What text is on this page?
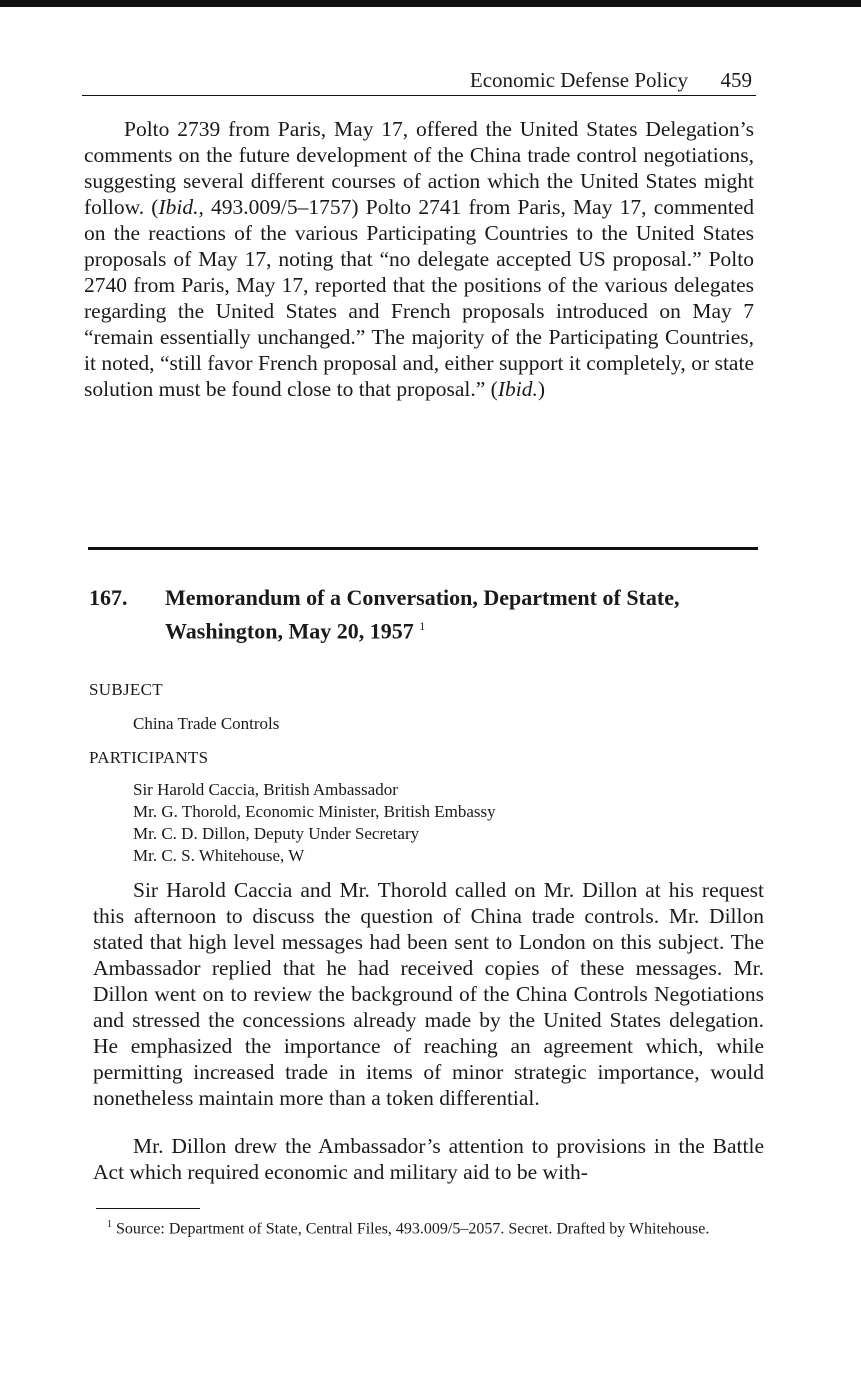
Economic Defense Policy 459

Polto 2739 from Paris, May 17, offered the United States Delegation’s comments on the future development of the China trade control negotiations, suggesting several different courses of action which the United States might follow. (Ibid., 493.009/5–1757) Polto 2741 from Paris, May 17, commented on the reactions of the various Participating Countries to the United States proposals of May 17, noting that “no delegate accepted US proposal.” Polto 2740 from Paris, May 17, reported that the positions of the various delegates regarding the United States and French proposals introduced on May 7 “remain essentially unchanged.” The majority of the Participating Countries, it noted, “still favor French proposal and, either support it completely, or state solution must be found close to that proposal.” (Ibid.)

167. Memorandum of a Conversation, Department of State, Washington, May 20, 1957 $^1$
SUBJECT
China Trade Controls
PARTICIPANTS
Sir Harold Caccia, British Ambassador
Mr. G. Thorold, Economic Minister, British Embassy
Mr. C. D. Dillon, Deputy Under Secretary
Mr. C. S. Whitehouse, W

Sir Harold Caccia and Mr. Thorold called on Mr. Dillon at his request this afternoon to discuss the question of China trade controls. Mr. Dillon stated that high level messages had been sent to London on this subject. The Ambassador replied that he had received copies of these messages. Mr. Dillon went on to review the background of the China Controls Negotiations and stressed the concessions already made by the United States delegation. He emphasized the importance of reaching an agreement which, while permitting increased trade in items of minor strategic importance, would nonetheless maintain more than a token differential.

Mr. Dillon drew the Ambassador’s attention to provisions in the Battle Act which required economic and military aid to be with-

$^1$ Source: Department of State, Central Files, 493.009/5–2057. Secret. Drafted by Whitehouse.
